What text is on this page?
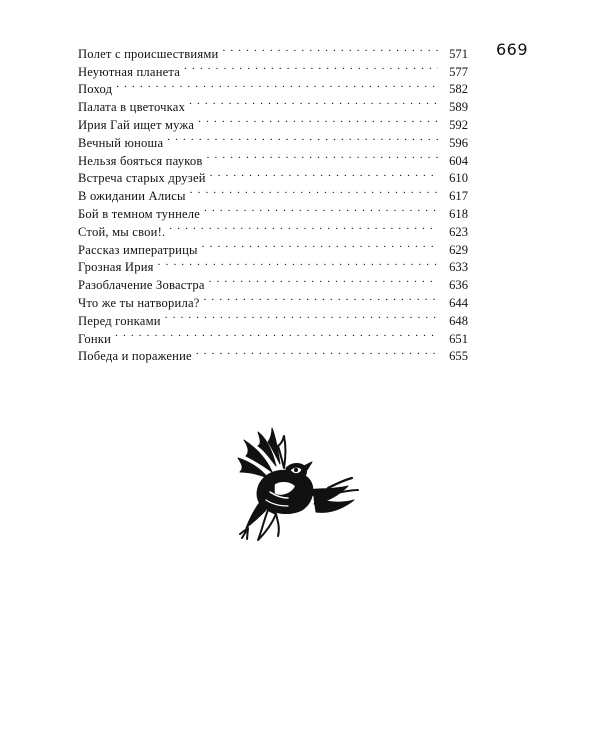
669
Полет с происшествиями . . .	571
Неуютная планета . . .	577
Поход . . .	582
Палата в цветочках . . .	589
Ирия Гай ищет мужа . . .	592
Вечный юноша . . .	596
Нельзя бояться пауков . . .	604
Встреча старых друзей . . .	610
В ожидании Алисы . . .	617
Бой в темном туннеле . . .	618
Стой, мы свои!. . . .	623
Рассказ императрицы . . .	629
Грозная Ирия . . .	633
Разоблачение Зовастра . . .	636
Что же ты натворила? . . .	644
Перед гонками . . .	648
Гонки . . .	651
Победа и поражение . . .	655
